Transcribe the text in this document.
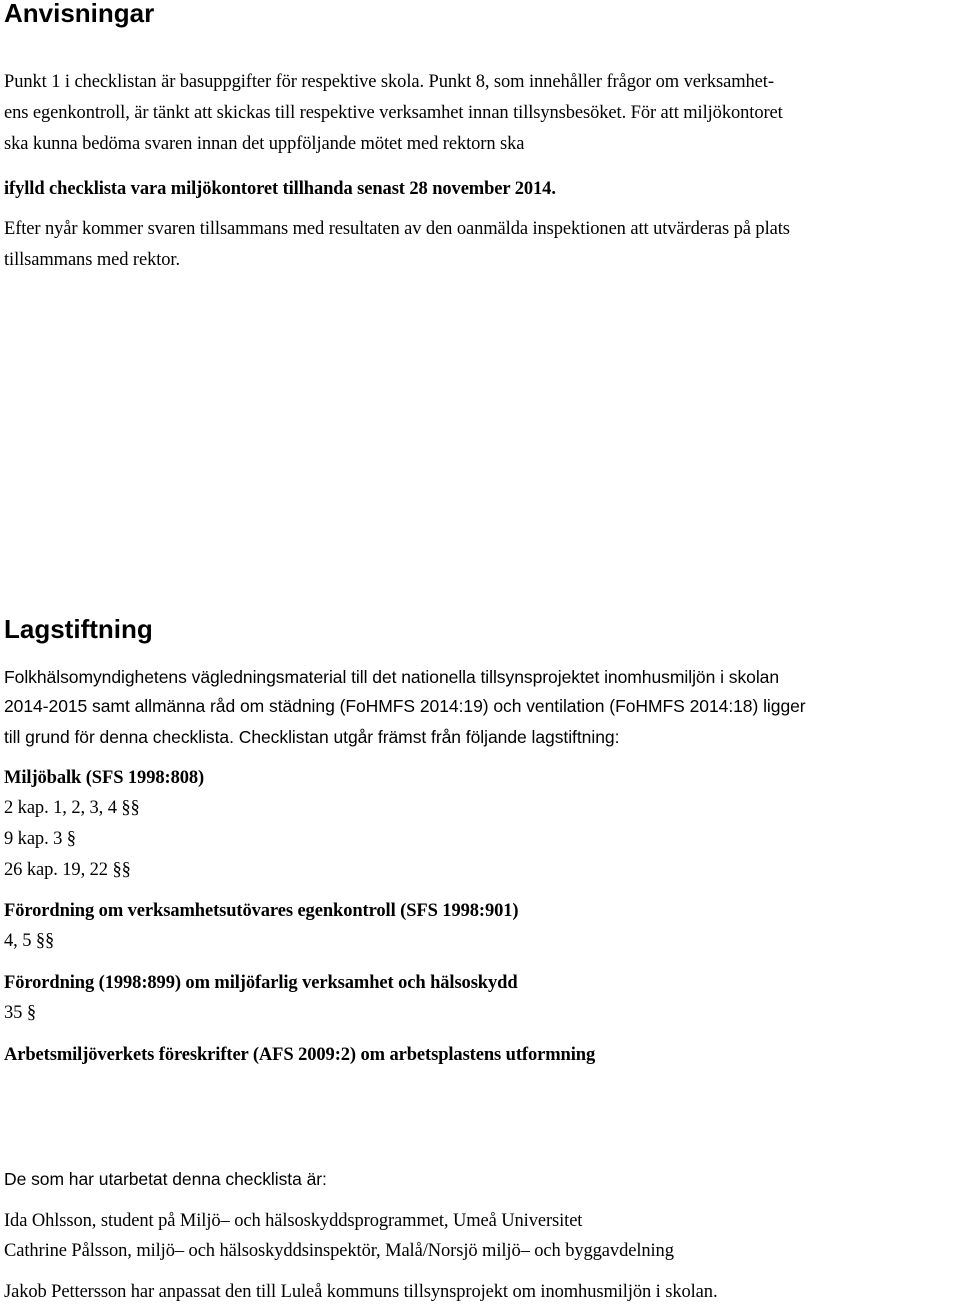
Anvisningar

Punkt 1 i checklistan är basuppgifter för respektive skola. Punkt 8, som innehåller frågor om verksamhet-

ens egenkontroll, är tänkt att skickas till respektive verksamhet innan tillsynsbesöket. För att miljökontoret

ska kunna bedöma svaren innan det uppföljande mötet med rektorn ska

ifylld checklista vara miljökontoret tillhanda senast 28 november 2014.

Efter nyår kommer svaren tillsammans med resultaten av den oanmälda inspektionen att utvärderas på plats

tillsammans med rektor.

Lagstiftning

Folkhälsomyndighetens vägledningsmaterial till det nationella tillsynsprojektet inomhusmiljön i skolan

2014-2015 samt allmänna råd om städning (FoHMFS 2014:19) och ventilation (FoHMFS 2014:18) ligger

till grund för denna checklista. Checklistan utgår främst från följande lagstiftning:

Miljöbalk (SFS 1998:808)

2 kap. 1, 2, 3, 4 §§

9 kap. 3 §

26 kap. 19, 22 §§

Förordning om verksamhetsutövares egenkontroll (SFS 1998:901)

4, 5 §§

Förordning (1998:899) om miljöfarlig verksamhet och hälsoskydd

35 §

Arbetsmiljöverkets föreskrifter (AFS 2009:2) om arbetsplastens utformning

De som har utarbetat denna checklista är:

Ida Ohlsson, student på Miljö– och hälsoskyddsprogrammet, Umeå Universitet

Cathrine Pålsson, miljö– och hälsoskyddsinspektör, Malå/Norsjö miljö– och byggavdelning

Jakob Pettersson har anpassat den till Luleå kommuns tillsynsprojekt om inomhusmiljön i skolan.
